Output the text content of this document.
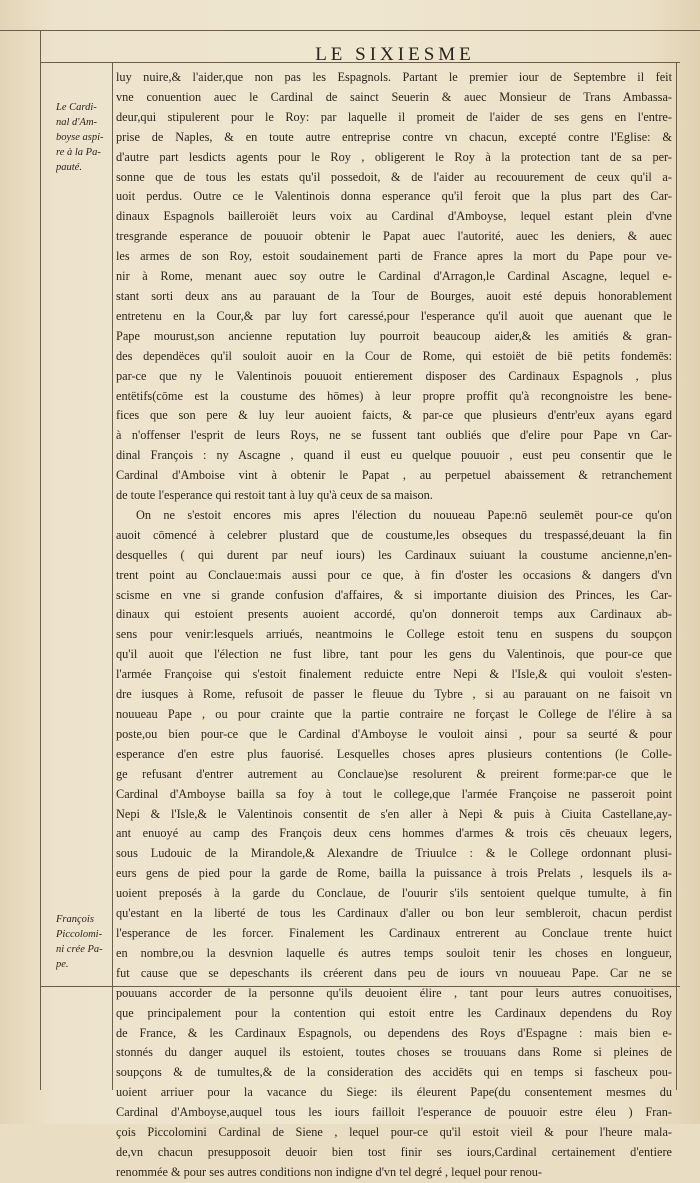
LE SIXIESME
Le Cardi-
nal d'Am-
boyse aspi-
re à la Pa-
pauté.
François
Piccolomi-
ni crée Pa-
pe.
luy nuire,& l'aider,que non pas les Espagnols. Partant le premier iour de Septembre il feit
vne conuention auec le Cardinal de sainct Seuerin & auec Monsieur de Trans Ambassa-
deur,qui stipulerent pour le Roy: par laquelle il promeit de l'aider de ses gens en l'entre-
prise de Naples, & en toute autre entreprise contre vn chacun, excepté contre l'Eglise: &
d'autre part lesdicts agents pour le Roy , obligerent le Roy à la protection tant de sa per-
sonne que de tous les estats qu'il possedoit, & de l'aider au recouurement de ceux qu'il a-
uoit perdus. Outre ce le Valentinois donna esperance qu'il feroit que la plus part des Car-
dinaux Espagnols bailleroiët leurs voix au Cardinal d'Amboyse, lequel estant plein d'vne
tresgrande esperance de pouuoir obtenir le Papat auec l'autorité, auec les deniers, & auec
les armes de son Roy, estoit soudainement parti de France apres la mort du Pape pour ve-
nir à Rome, menant auec soy outre le Cardinal d'Arragon,le Cardinal Ascagne, lequel e-
stant sorti deux ans au parauant de la Tour de Bourges, auoit esté depuis honorablement
entretenu en la Cour,& par luy fort caressé,pour l'esperance qu'il auoit que auenant que le
Pape mourust,son ancienne reputation luy pourroit beaucoup aider,& les amitiés & gran-
des dependëces qu'il souloit auoir en la Cour de Rome, qui estoiët de biē petits fondemēs:
par-ce que ny le Valentinois pouuoit entierement disposer des Cardinaux Espagnols , plus
entëtifs(cōme est la coustume des hōmes) à leur propre proffit qu'à recongnoistre les bene-
fices que son pere & luy leur auoient faicts, & par-ce que plusieurs d'entr'eux ayans egard
à n'offenser l'esprit de leurs Roys, ne se fussent tant oubliés que d'elire pour Pape vn Car-
dinal François : ny Ascagne , quand il eust eu quelque pouuoir , eust peu consentir que le
Cardinal d'Amboise vint à obtenir le Papat , au perpetuel abaissement & retranchement
de toute l'esperance qui restoit tant à luy qu'à ceux de sa maison.
On ne s'estoit encores mis apres l'élection du nouueau Pape:nō seulemët pour-ce qu'on
auoit cōmencé à celebrer plustard que de coustume,les obseques du trespassé,deuant la fin
desquelles ( qui durent par neuf iours) les Cardinaux suiuant la coustume ancienne,n'en-
trent point au Conclaue:mais aussi pour ce que, à fin d'oster les occasions & dangers d'vn
scisme en vne si grande confusion d'affaires, & si importante diuision des Princes, les Car-
dinaux qui estoient presents auoient accordé, qu'on donneroit temps aux Cardinaux ab-
sens pour venir:lesquels arriués, neantmoins le College estoit tenu en suspens du soupçon
qu'il auoit que l'élection ne fust libre, tant pour les gens du Valentinois, que pour-ce que
l'armée Françoise qui s'estoit finalement reduicte entre Nepi & l'Isle,& qui vouloit s'esten-
dre iusques à Rome, refusoit de passer le fleuue du Tybre , si au parauant on ne faisoit vn
nouueau Pape , ou pour crainte que la partie contraire ne forçast le College de l'élire à sa
poste,ou bien pour-ce que le Cardinal d'Amboyse le vouloit ainsi , pour sa seurté & pour
esperance d'en estre plus fauorisé. Lesquelles choses apres plusieurs contentions (le Colle-
ge refusant d'entrer autrement au Conclaue)se resolurent & preirent forme:par-ce que le
Cardinal d'Amboyse bailla sa foy à tout le college,que l'armée Françoise ne passeroit point
Nepi & l'Isle,& le Valentinois consentit de s'en aller à Nepi & puis à Ciuita Castellane,ay-
ant enuoyé au camp des François deux cens hommes d'armes & trois cēs cheuaux legers,
sous Ludouic de la Mirandole,& Alexandre de Triuulce : & le College ordonnant plusi-
eurs gens de pied pour la garde de Rome, bailla la puissance à trois Prelats , lesquels ils a-
uoient preposés à la garde du Conclaue, de l'ouurir s'ils sentoient quelque tumulte, à fin
qu'estant en la liberté de tous les Cardinaux d'aller ou bon leur sembleroit, chacun perdist
l'esperance de les forcer. Finalement les Cardinaux entrerent au Conclaue trente huict
en nombre,ou la desvnion laquelle és autres temps souloit tenir les choses en longueur,
fut cause que se depeschants ils créerent dans peu de iours vn nouueau Pape. Car ne se
pouuans accorder de la personne qu'ils deuoient élire , tant pour leurs autres conuoitises,
que principalement pour la contention qui estoit entre les Cardinaux dependens du Roy
de France, & les Cardinaux Espagnols, ou dependens des Roys d'Espagne : mais bien e-
stonnés du danger auquel ils estoient, toutes choses se trouuans dans Rome si pleines de
soupçons & de tumultes,& de la consideration des accidēts qui en temps si fascheux pou-
uoient arriuer pour la vacance du Siege: ils éleurent Pape(du consentement mesmes du
Cardinal d'Amboyse,auquel tous les iours failloit l'esperance de pouuoir estre éleu ) Fran-
çois Piccolomini Cardinal de Siene , lequel pour-ce qu'il estoit vieil & pour l'heure mala-
de,vn chacun presupposoit deuoir bien tost finir ses iours,Cardinal certainement d'entiere
renommée & pour ses autres conditions non indigne d'vn tel degré , lequel pour renou-
